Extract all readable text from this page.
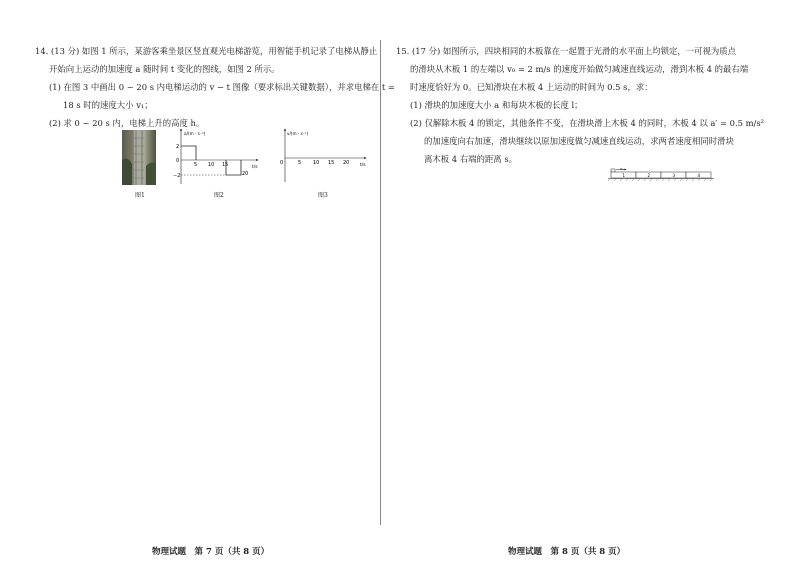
14. (13 分) 如图 1 所示，某游客乘坐景区竖直观光电梯游览，用智能手机记录了电梯从静止
开始向上运动的加速度 a 随时间 t 变化的图线，如图 2 所示。
(1) 在图 3 中画出 0 ~ 20 s 内电梯运动的 v − t 图像（要求标出关键数据），并求电梯在 t =
18 s 时的速度大小 v₁；
(2) 求 0 ~ 20 s 内，电梯上升的高度 h。
图1
a/(m · s⁻²)
t/s
2
0
−2
5 10 15
20
图2
v/(m · s⁻¹)
t/s
0	5 10 15 20
图3
物理试题　第 7 页（共 8 页）
15. (17 分) 如图所示，四块相同的木板靠在一起置于光滑的水平面上均锁定，一可视为质点
的滑块从木板 1 的左端以 v₀ = 2 m/s 的速度开始做匀减速直线运动，滑到木板 4 的最右端
时速度恰好为 0。已知滑块在木板 4 上运动的时间为 0.5 s，求：
(1) 滑块的加速度大小 a 和每块木板的长度 l；
(2) 仅解除木板 4 的锁定，其他条件不变，在滑块滑上木板 4 的同时，木板 4 以 a′ = 0.5 m/s²
的加速度向右加速，滑块继续以原加速度做匀减速直线运动，求两者速度相同时滑块
离木板 4 右端的距离 s。
v₀
1	2	3	4
物理试题　第 8 页（共 8 页）
